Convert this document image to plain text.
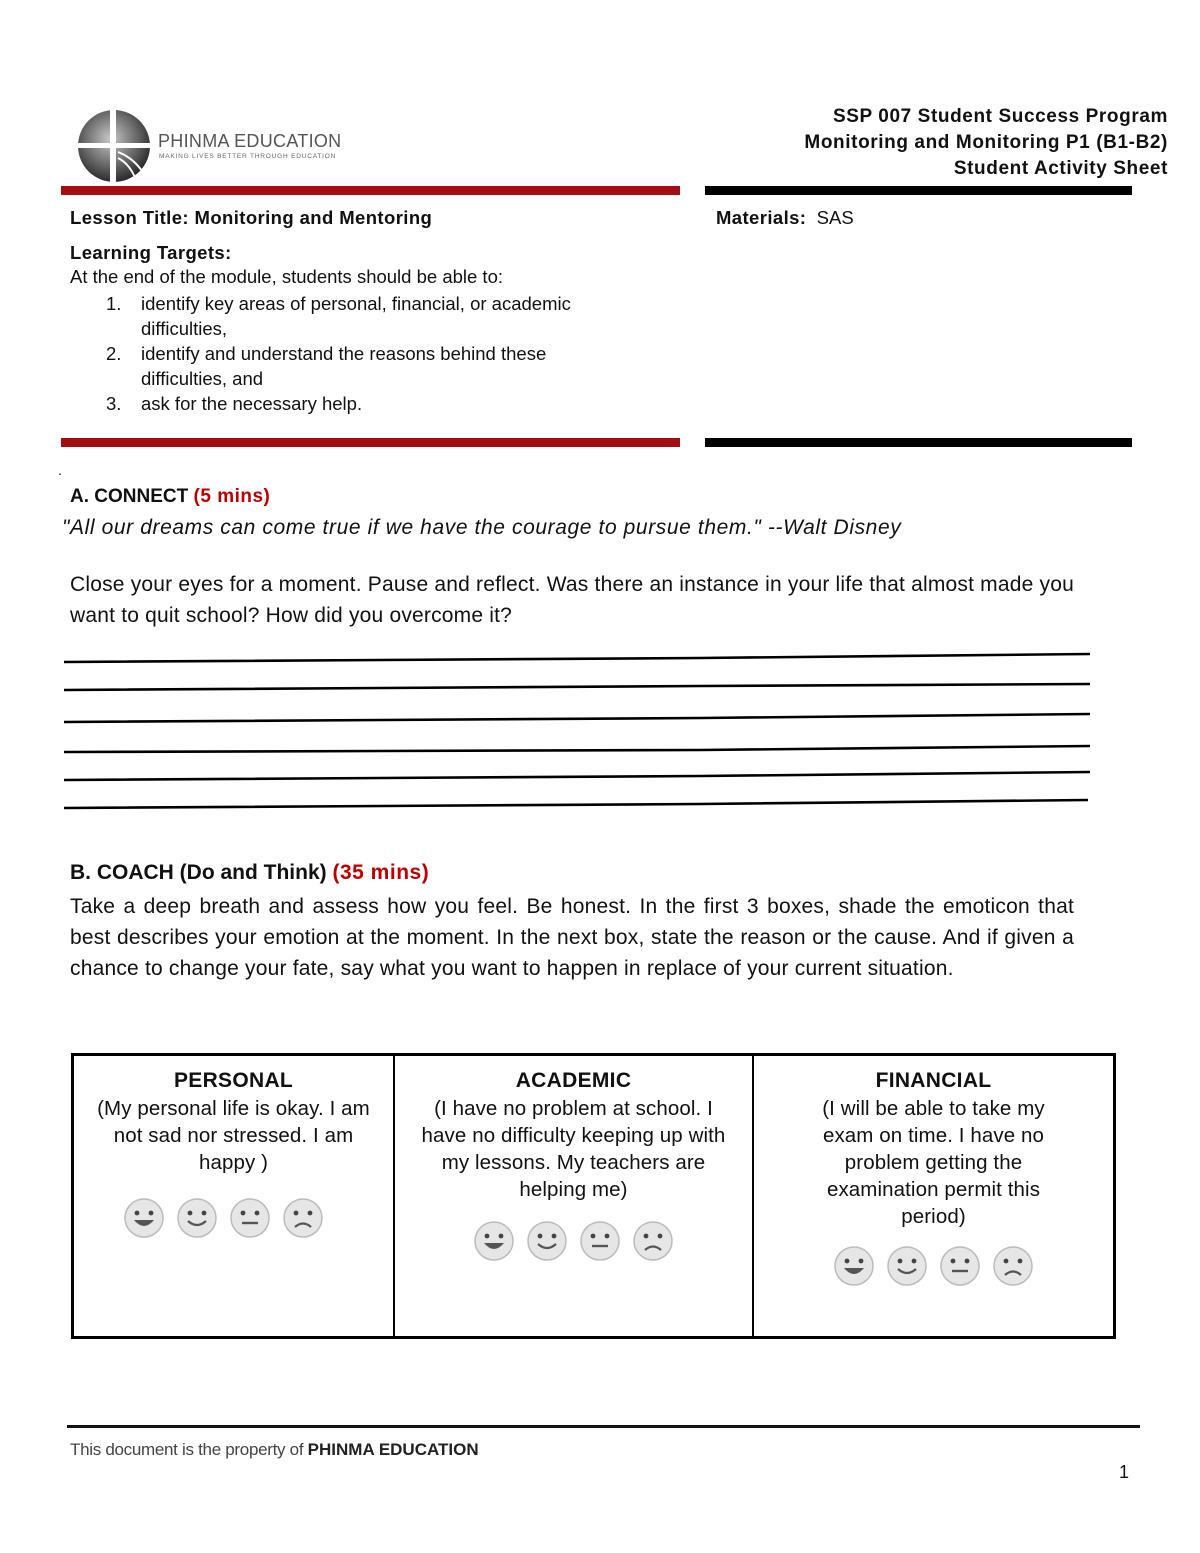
PHINMA EDUCATION
MAKING LIVES BETTER THROUGH EDUCATION
SSP 007 Student Success Program
Monitoring and Monitoring P1 (B1-B2)
Student Activity Sheet
Lesson Title: Monitoring and Mentoring	Materials: SAS
Learning Targets:
At the end of the module, students should be able to:
1. identify key areas of personal, financial, or academic difficulties,
2. identify and understand the reasons behind these difficulties, and
3. ask for the necessary help.
.
A. CONNECT (5 mins)
"All our dreams can come true if we have the courage to pursue them." --Walt Disney
Close your eyes for a moment. Pause and reflect. Was there an instance in your life that almost made you want to quit school? How did you overcome it?
B. COACH (Do and Think) (35 mins)
Take a deep breath and assess how you feel. Be honest. In the first 3 boxes, shade the emoticon that best describes your emotion at the moment. In the next box, state the reason or the cause. And if given a chance to change your fate, say what you want to happen in replace of your current situation.
PERSONAL
(My personal life is okay. I am not sad nor stressed. I am happy )
ACADEMIC
(I have no problem at school. I have no difficulty keeping up with my lessons. My teachers are helping me)
FINANCIAL
(I will be able to take my exam on time. I have no problem getting the examination permit this period)
This document is the property of PHINMA EDUCATION
1
